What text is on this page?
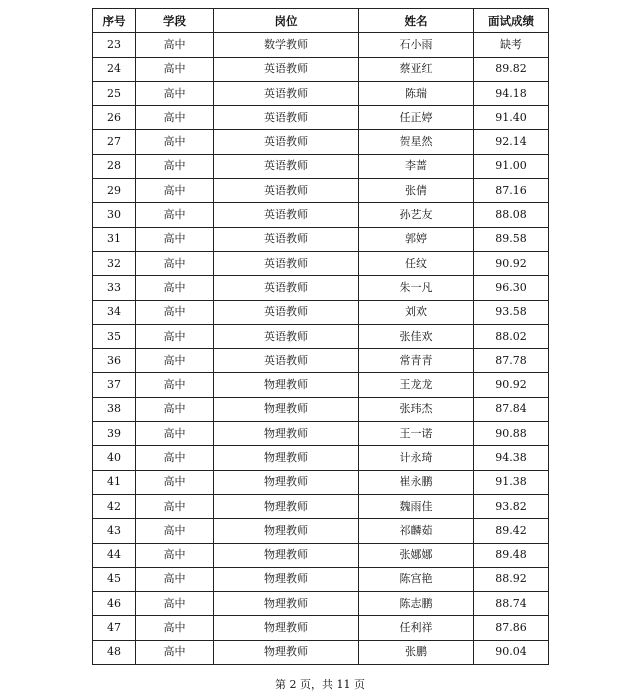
序号	学段	岗位	姓名	面试成绩
23	高中	数学教师	石小雨	缺考
24	高中	英语教师	蔡亚红	89.82
25	高中	英语教师	陈瑞	94.18
26	高中	英语教师	任正婷	91.40
27	高中	英语教师	贺星然	92.14
28	高中	英语教师	李蔷	91.00
29	高中	英语教师	张倩	87.16
30	高中	英语教师	孙艺友	88.08
31	高中	英语教师	郭婷	89.58
32	高中	英语教师	任纹	90.92
33	高中	英语教师	朱一凡	96.30
34	高中	英语教师	刘欢	93.58
35	高中	英语教师	张佳欢	88.02
36	高中	英语教师	常青青	87.78
37	高中	物理教师	王龙龙	90.92
38	高中	物理教师	张玮杰	87.84
39	高中	物理教师	王一诺	90.88
40	高中	物理教师	计永琦	94.38
41	高中	物理教师	崔永鹏	91.38
42	高中	物理教师	魏雨佳	93.82
43	高中	物理教师	祁麟茹	89.42
44	高中	物理教师	张娜娜	89.48
45	高中	物理教师	陈宫艳	88.92
46	高中	物理教师	陈志鹏	88.74
47	高中	物理教师	任利祥	87.86
48	高中	物理教师	张鹏	90.04
第 2 页，共 11 页
